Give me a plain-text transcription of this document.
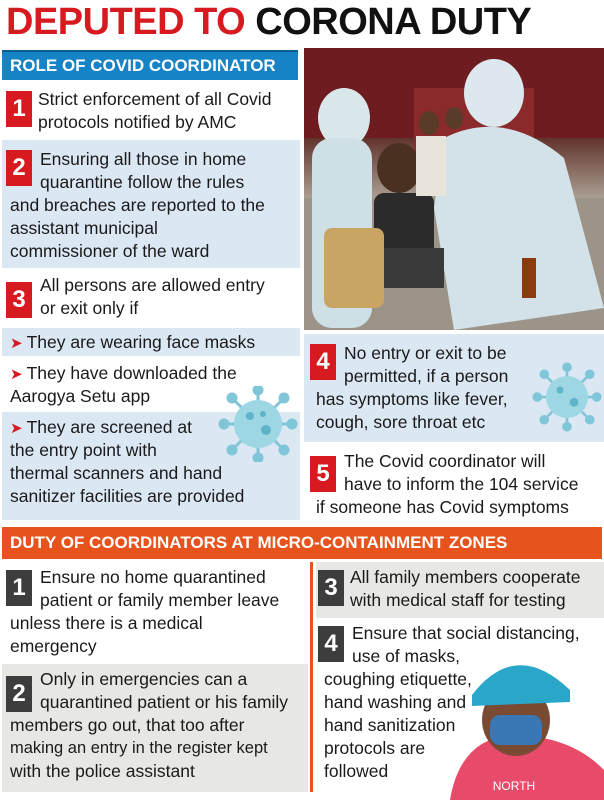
DEPUTED TO CORONA DUTY
ROLE OF COVID COORDINATOR
1 Strict enforcement of all Covid protocols notified by AMC
2 Ensuring all those in home
quarantine follow the rules
and breaches are reported to the
assistant municipal
commissioner of the ward
3
All persons are allowed entry
or exit only if
➤ They are wearing face masks
➤ They have downloaded the
Aarogya Setu app
➤ They are screened at
the entry point with
thermal scanners and hand
sanitizer facilities are provided
4 No entry or exit to be
permitted, if a person
has symptoms like fever,
cough, sore throat etc
5 The Covid coordinator will
have to inform the 104 service
if someone has Covid symptoms
DUTY OF COORDINATORS AT MICRO-CONTAINMENT ZONES
1 Ensure no home quarantined
patient or family member leave
unless there is a medical
emergency
2
Only in emergencies can a
quarantined patient or his family
members go out, that too after
making an entry in the register kept
with the police assistant
3 All family members cooperate
with medical staff for testing
NORTH
4 Ensure that social distancing,
use of masks,
coughing etiquette,
hand washing and
hand sanitization
protocols are
followed
